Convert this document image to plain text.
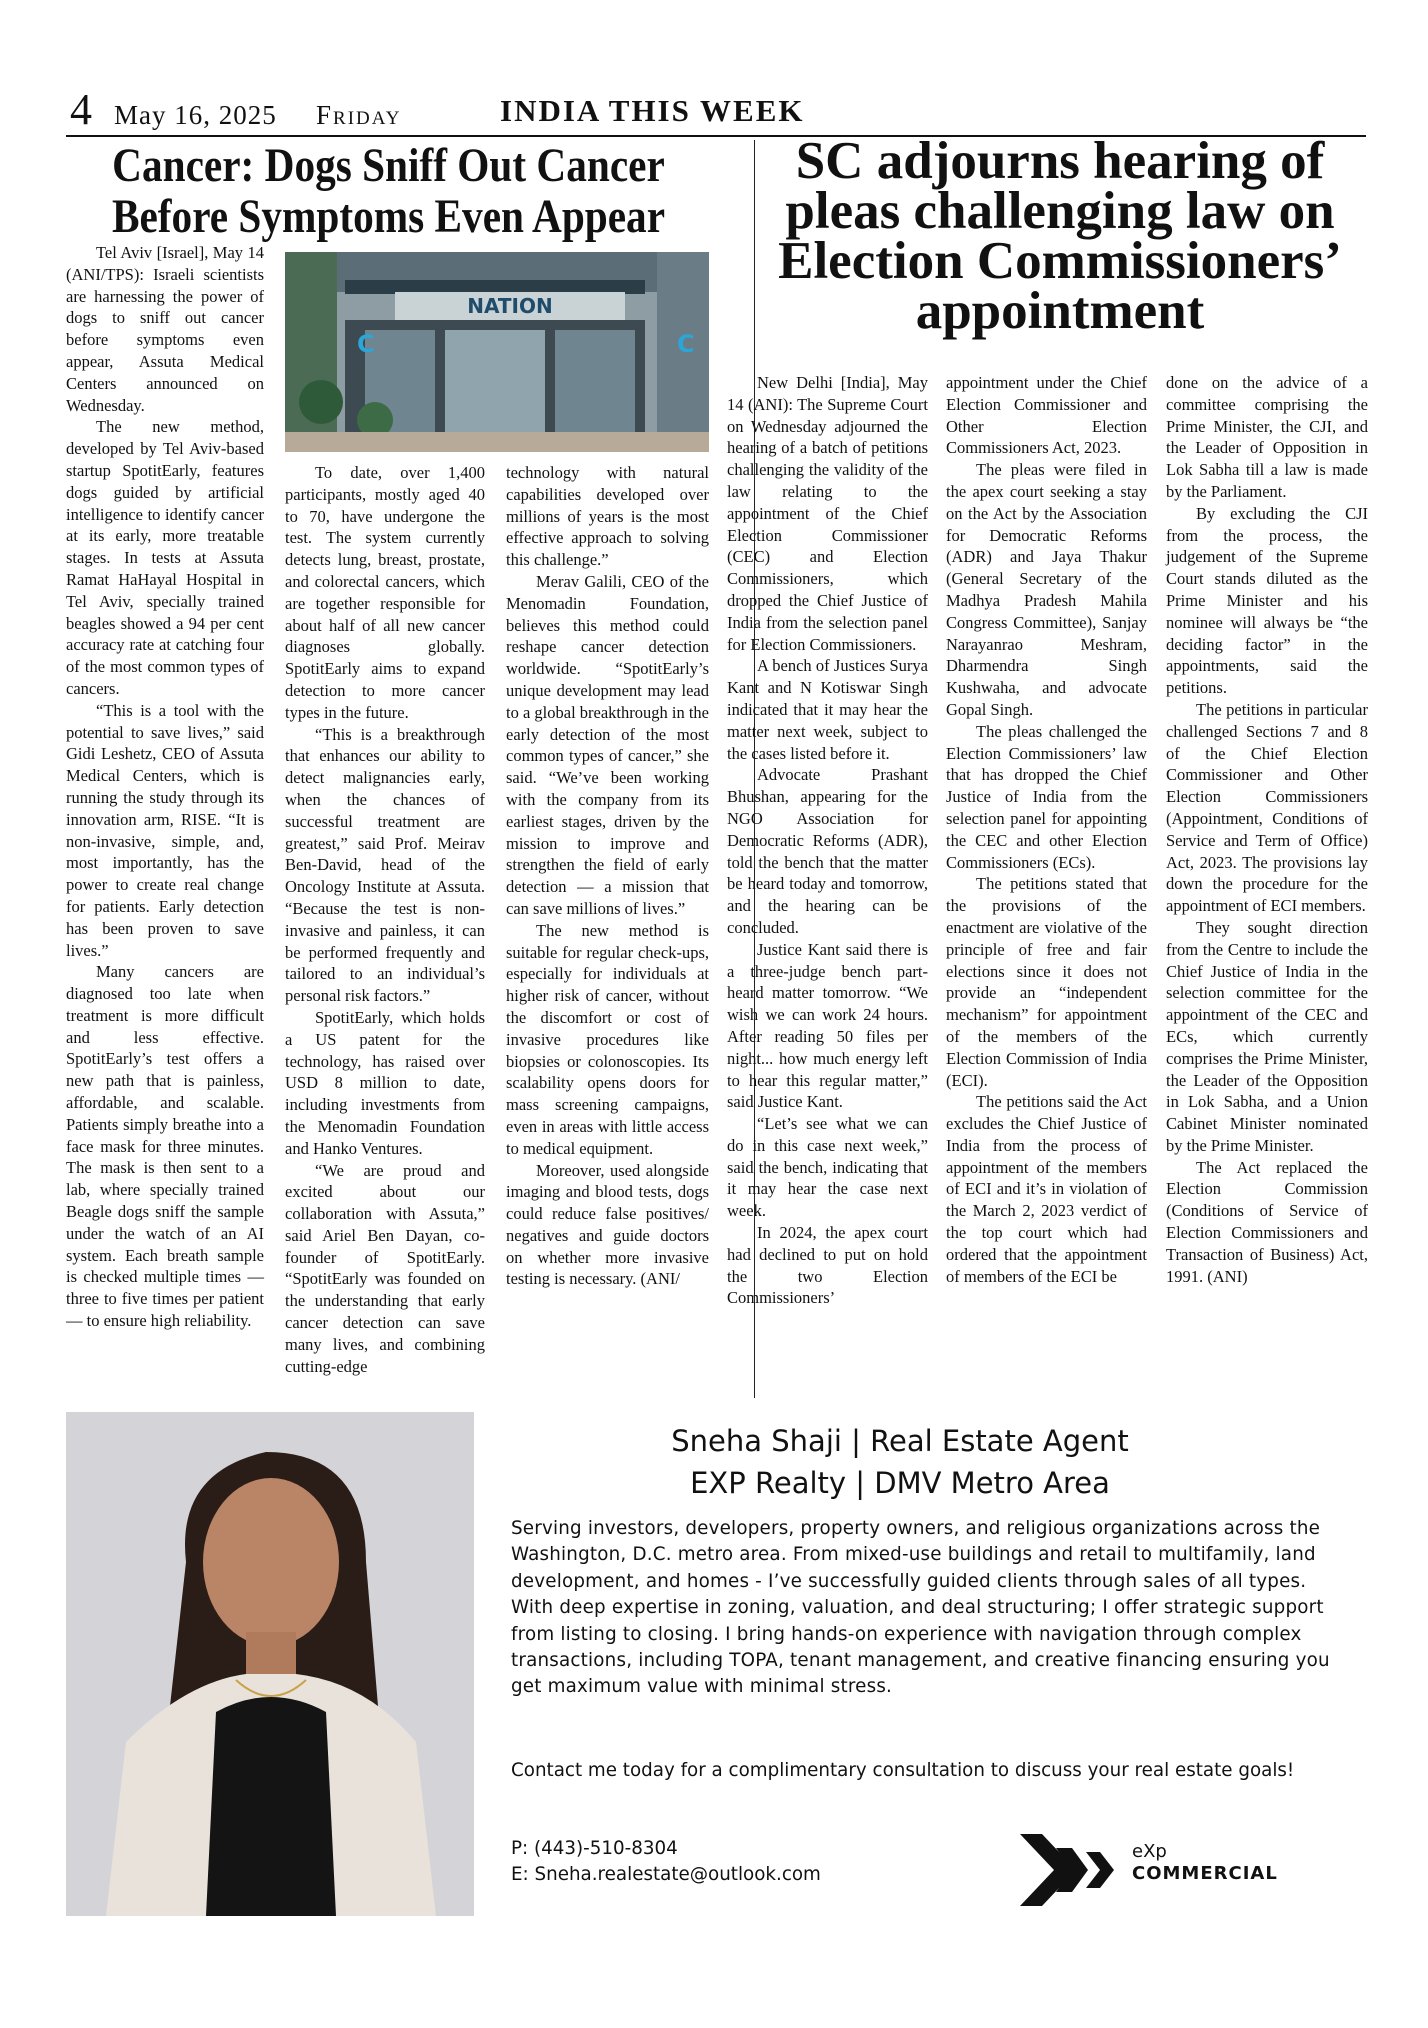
4 May 16, 2025 Friday	INDIA THIS WEEK
Cancer: Dogs Sniff Out Cancer Before Symptoms Even Appear
NATION
C	C

Tel Aviv [Israel], May 14 (ANI/TPS): Israeli scientists are harnessing the power of dogs to sniff out cancer before symptoms even appear, Assuta Medical Centers announced on Wednesday.

The new method, developed by Tel Aviv-based startup SpotitEarly, features dogs guided by artificial intelligence to identify cancer at its early, more treatable stages. In tests at Assuta Ramat HaHayal Hospital in Tel Aviv, specially trained beagles showed a 94 per cent accuracy rate at catching four of the most common types of cancers.

“This is a tool with the potential to save lives,” said Gidi Leshetz, CEO of Assuta Medical Centers, which is running the study through its innovation arm, RISE. “It is non-invasive, simple, and, most importantly, has the power to create real change for patients. Early detection has been proven to save lives.”

Many cancers are diagnosed too late when treatment is more difficult and less effective. SpotitEarly’s test offers a new path that is painless, affordable, and scalable. Patients simply breathe into a face mask for three minutes. The mask is then sent to a lab, where specially trained Beagle dogs sniff the sample under the watch of an AI system. Each breath sample is checked multiple times — three to five times per patient — to ensure high reliability.

To date, over 1,400 participants, mostly aged 40 to 70, have undergone the test. The system currently detects lung, breast, prostate, and colorectal cancers, which are together responsible for about half of all new cancer diagnoses globally. SpotitEarly aims to expand detection to more cancer types in the future.

“This is a breakthrough that enhances our ability to detect malignancies early, when the chances of successful treatment are greatest,” said Prof. Meirav Ben-David, head of the Oncology Institute at Assuta. “Because the test is non-invasive and painless, it can be performed frequently and tailored to an individual’s personal risk factors.”

SpotitEarly, which holds a US patent for the technology, has raised over USD 8 million to date, including investments from the Menomadin Foundation and Hanko Ventures.

“We are proud and excited about our collaboration with Assuta,” said Ariel Ben Dayan, co-founder of SpotitEarly. “SpotitEarly was founded on the understanding that early cancer detection can save many lives, and combining cutting-edge

technology with natural capabilities developed over millions of years is the most effective approach to solving this challenge.”

Merav Galili, CEO of the Menomadin Foundation, believes this method could reshape cancer detection worldwide. “SpotitEarly’s unique development may lead to a global breakthrough in the early detection of the most common types of cancer,” she said. “We’ve been working with the company from its earliest stages, driven by the mission to improve and strengthen the field of early detection — a mission that can save millions of lives.”

The new method is suitable for regular check-ups, especially for individuals at higher risk of cancer, without the discomfort or cost of invasive procedures like biopsies or colonoscopies. Its scalability opens doors for mass screening campaigns, even in areas with little access to medical equipment.

Moreover, used alongside imaging and blood tests, dogs could reduce false positives/ negatives and guide doctors on whether more invasive testing is necessary. (ANI/

SC adjourns hearing of pleas challenging law on Election Commissioners’ appointment

New Delhi [India], May 14 (ANI): The Supreme Court on Wednesday adjourned the hearing of a batch of petitions challenging the validity of the law relating to the appointment of the Chief Election Commissioner (CEC) and Election Commissioners, which dropped the Chief Justice of India from the selection panel for Election Commissioners.

A bench of Justices Surya Kant and N Kotiswar Singh indicated that it may hear the matter next week, subject to the cases listed before it.

Advocate Prashant Bhushan, appearing for the NGO Association for Democratic Reforms (ADR), told the bench that the matter be heard today and tomorrow, and the hearing can be concluded.

Justice Kant said there is a three-judge bench part-heard matter tomorrow. “We wish we can work 24 hours. After reading 50 files per night... how much energy left to hear this regular matter,” said Justice Kant.

“Let’s see what we can do in this case next week,” said the bench, indicating that it may hear the case next week.

In 2024, the apex court had declined to put on hold the two Election Commissioners’

appointment under the Chief Election Commissioner and Other Election Commissioners Act, 2023.

The pleas were filed in the apex court seeking a stay on the Act by the Association for Democratic Reforms (ADR) and Jaya Thakur (General Secretary of the Madhya Pradesh Mahila Congress Committee), Sanjay Narayanrao Meshram, Dharmendra Singh Kushwaha, and advocate Gopal Singh.

The pleas challenged the Election Commissioners’ law that has dropped the Chief Justice of India from the selection panel for appointing the CEC and other Election Commissioners (ECs).

The petitions stated that the provisions of the enactment are violative of the principle of free and fair elections since it does not provide an “independent mechanism” for appointment of the members of the Election Commission of India (ECI).

The petitions said the Act excludes the Chief Justice of India from the process of appointment of the members of ECI and it’s in violation of the March 2, 2023 verdict of the top court which had ordered that the appointment of members of the ECI be

done on the advice of a committee comprising the Prime Minister, the CJI, and the Leader of Opposition in Lok Sabha till a law is made by the Parliament.

By excluding the CJI from the process, the judgement of the Supreme Court stands diluted as the Prime Minister and his nominee will always be “the deciding factor” in the appointments, said the petitions.

The petitions in particular challenged Sections 7 and 8 of the Chief Election Commissioner and Other Election Commissioners (Appointment, Conditions of Service and Term of Office) Act, 2023. The provisions lay down the procedure for the appointment of ECI members.

They sought direction from the Centre to include the Chief Justice of India in the selection committee for the appointment of the CEC and ECs, which currently comprises the Prime Minister, the Leader of the Opposition in Lok Sabha, and a Union Cabinet Minister nominated by the Prime Minister.

The Act replaced the Election Commission (Conditions of Service of Election Commissioners and Transaction of Business) Act, 1991. (ANI)

Sneha Shaji | Real Estate Agent
EXP Realty | DMV Metro Area
Serving investors, developers, property owners, and religious organizations across the Washington, D.C. metro area. From mixed-use buildings and retail to multifamily, land development, and homes - I’ve successfully guided clients through sales of all types. With deep expertise in zoning, valuation, and deal structuring; I offer strategic support from listing to closing. I bring hands-on experience with navigation through complex transactions, including TOPA, tenant management, and creative financing ensuring you get maximum value with minimal stress.
Contact me today for a complimentary consultation to discuss your real estate goals!
P: (443)-510-8304
E: Sneha.realestate@outlook.com
eXp
COMMERCIAL
